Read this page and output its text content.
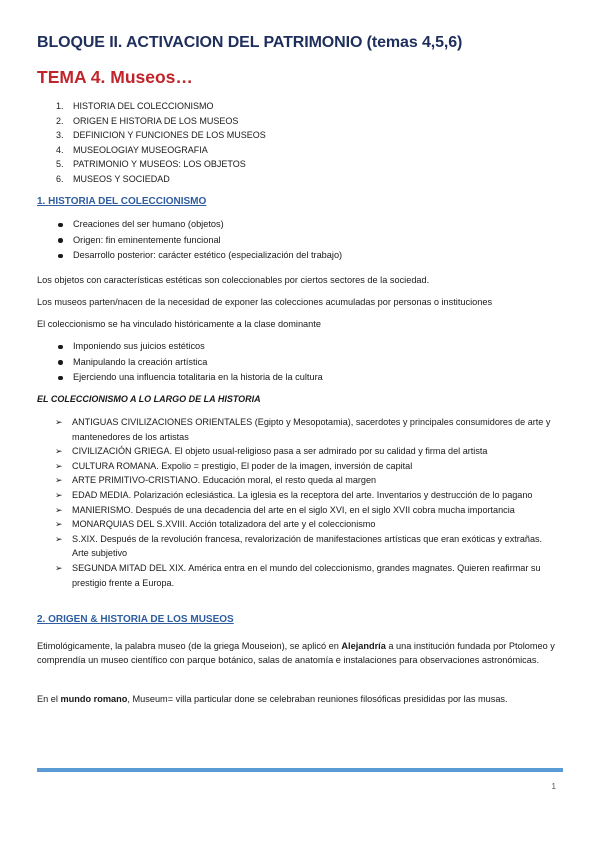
BLOQUE II. ACTIVACION DEL PATRIMONIO (temas 4,5,6)
TEMA 4. Museos…
1. HISTORIA DEL COLECCIONISMO
2. ORIGEN E HISTORIA DE LOS MUSEOS
3. DEFINICION Y FUNCIONES DE LOS MUSEOS
4. MUSEOLOGIAY MUSEOGRAFIA
5. PATRIMONIO Y MUSEOS: LOS OBJETOS
6. MUSEOS Y SOCIEDAD
1. HISTORIA DEL COLECCIONISMO
Creaciones del ser humano (objetos)
Origen: fin eminentemente funcional
Desarrollo posterior: carácter estético (especialización del trabajo)
Los objetos con características estéticas son coleccionables por ciertos sectores de la sociedad.
Los museos parten/nacen de la necesidad de exponer las colecciones acumuladas por personas o instituciones
El coleccionismo se ha vinculado históricamente a la clase dominante
Imponiendo sus juicios estéticos
Manipulando la creación artística
Ejerciendo una influencia totalitaria en la historia de la cultura
EL COLECCIONISMO A LO LARGO DE LA HISTORIA
➢ ANTIGUAS CIVILIZACIONES ORIENTALES (Egipto y Mesopotamia), sacerdotes y principales consumidores de arte y mantenedores de los artistas
➢ CIVILIZACIÓN GRIEGA. El objeto usual-religioso pasa a ser admirado por su calidad y firma del artista
➢ CULTURA ROMANA. Expolio = prestigio, El poder de la imagen, inversión de capital
➢ ARTE PRIMITIVO-CRISTIANO. Educación moral, el resto queda al margen
➢ EDAD MEDIA. Polarización eclesiástica. La iglesia es la receptora del arte. Inventarios y destrucción de lo pagano
➢ MANIERISMO. Después de una decadencia del arte en el siglo XVI, en el siglo XVII cobra mucha importancia
➢ MONARQUIAS DEL S.XVIII. Acción totalizadora del arte y el coleccionismo
➢ S.XIX. Después de la revolución francesa, revalorización de manifestaciones artísticas que eran exóticas y extrañas. Arte subjetivo
➢ SEGUNDA MITAD DEL XIX. América entra en el mundo del coleccionismo, grandes magnates. Quieren reafirmar su prestigio frente a Europa.
2. ORIGEN & HISTORIA DE LOS MUSEOS
Etimológicamente, la palabra museo (de la griega Mouseion), se aplicó en Alejandría a una institución fundada por Ptolomeo y comprendía un museo científico con parque botánico, salas de anatomía e instalaciones para observaciones astronómicas.
En el mundo romano, Museum= villa particular done se celebraban reuniones filosóficas presididas por las musas.
1
